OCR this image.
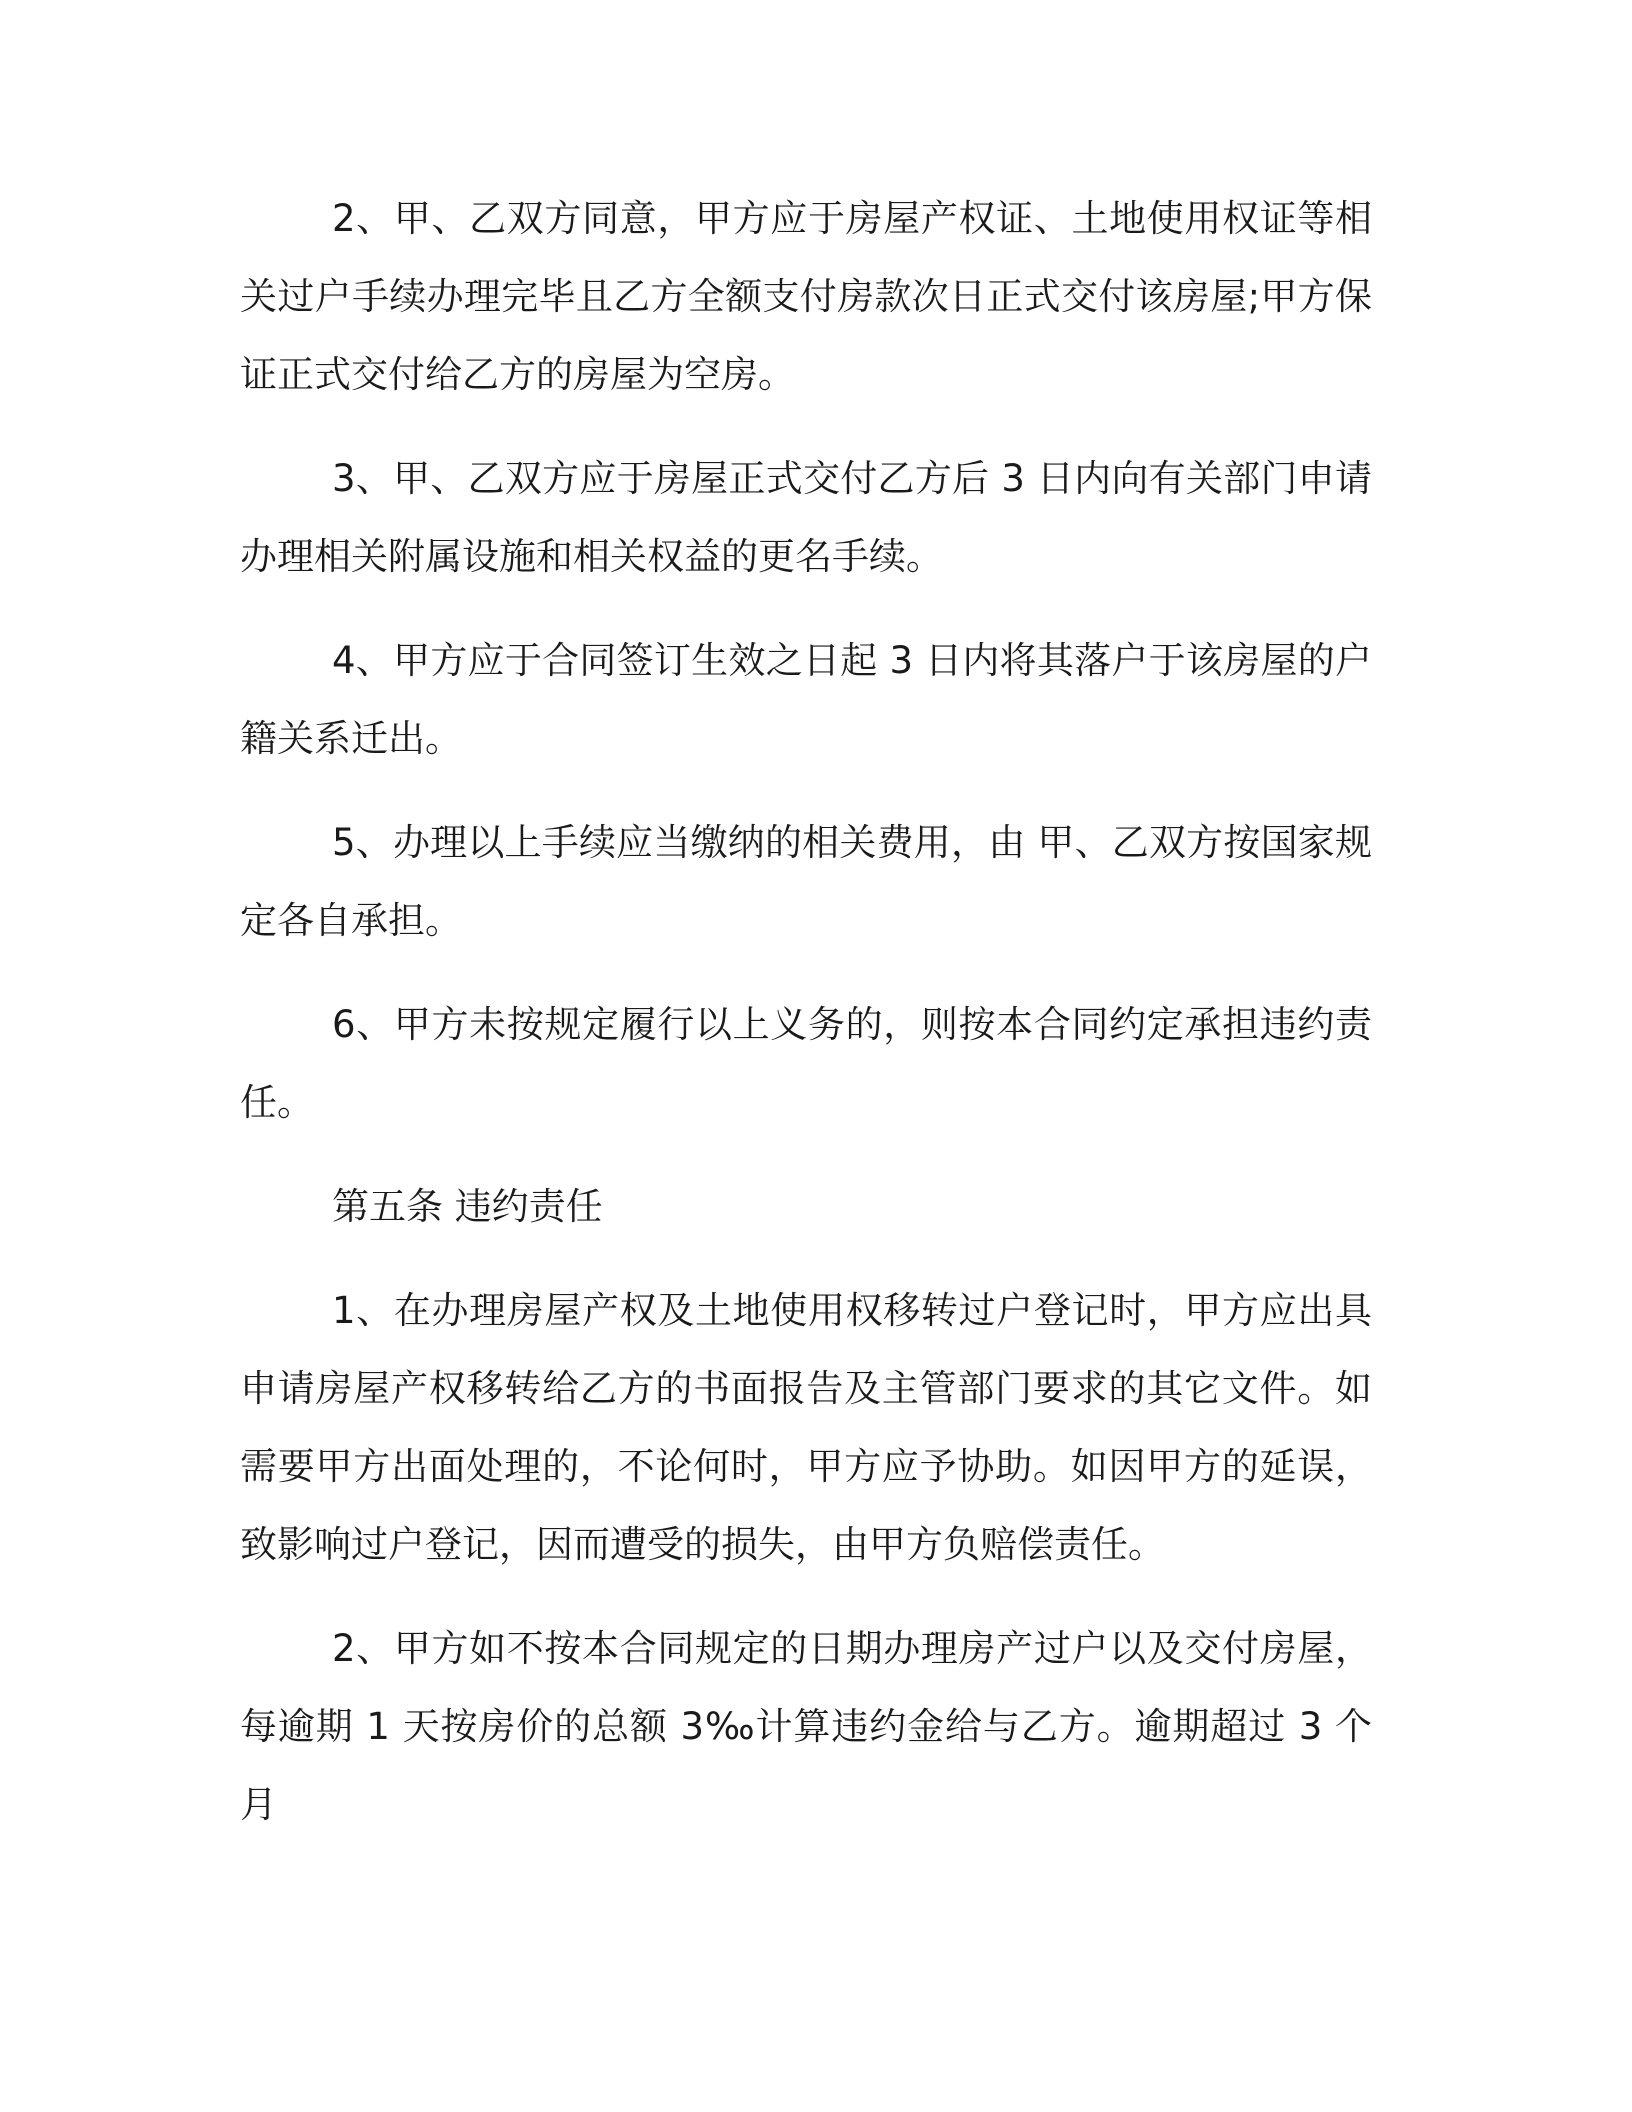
2、甲、乙双方同意，甲方应于房屋产权证、土地使用权证等相关过户手续办理完毕且乙方全额支付房款次日正式交付该房屋;甲方保证正式交付给乙方的房屋为空房。

3、甲、乙双方应于房屋正式交付乙方后 3 日内向有关部门申请办理相关附属设施和相关权益的更名手续。

4、甲方应于合同签订生效之日起 3 日内将其落户于该房屋的户籍关系迁出。

5、办理以上手续应当缴纳的相关费用，由 甲、乙双方按国家规定各自承担。

6、甲方未按规定履行以上义务的，则按本合同约定承担违约责任。

第五条 违约责任

1、在办理房屋产权及土地使用权移转过户登记时，甲方应出具申请房屋产权移转给乙方的书面报告及主管部门要求的其它文件。如需要甲方出面处理的，不论何时，甲方应予协助。如因甲方的延误，致影响过户登记，因而遭受的损失，由甲方负赔偿责任。

2、甲方如不按本合同规定的日期办理房产过户以及交付房屋，每逾期 1 天按房价的总额 3‰计算违约金给与乙方。逾期超过 3 个月
